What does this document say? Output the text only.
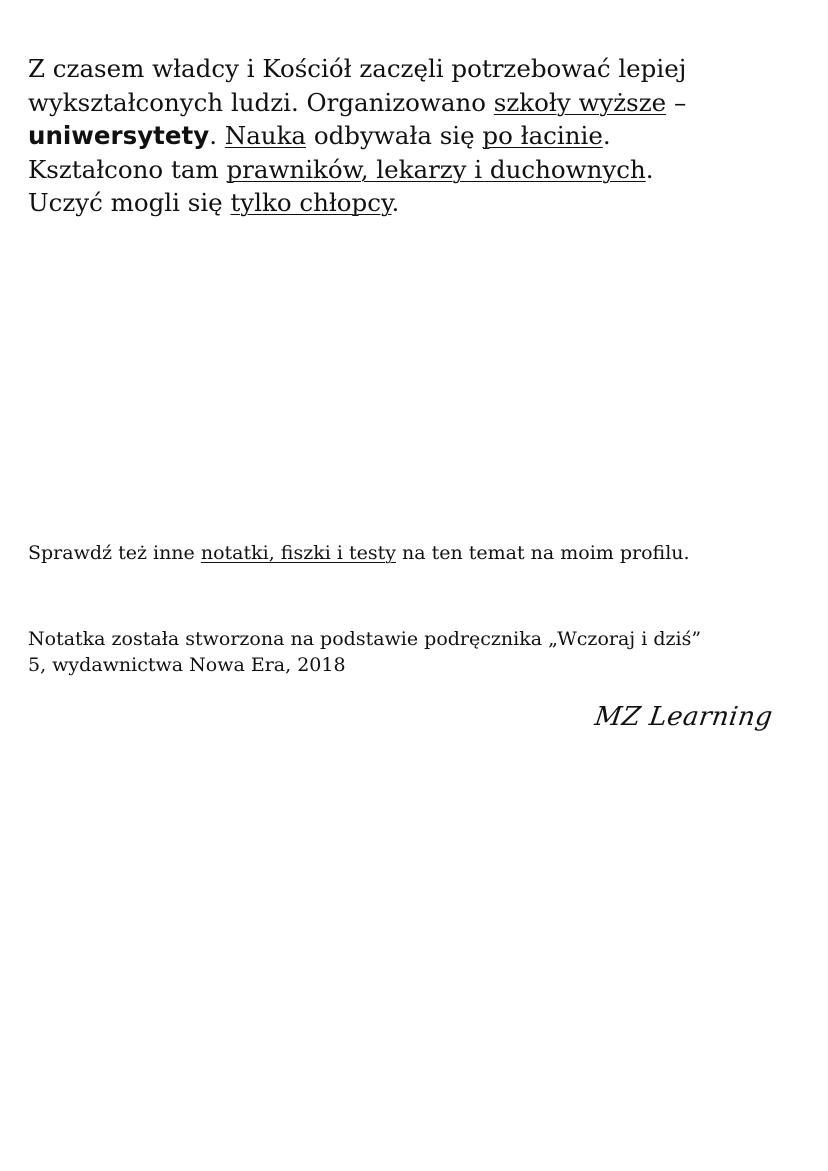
Z czasem władcy i Kościół zaczęli potrzebować lepiej
wykształconych ludzi. Organizowano szkoły wyższe –
uniwersytety. Nauka odbywała się po łacinie.
Kształcono tam prawników, lekarzy i duchownych.
Uczyć mogli się tylko chłopcy.

Sprawdź też inne notatki, fiszki i testy na ten temat na moim profilu.

Notatka została stworzona na podstawie podręcznika „Wczoraj i dziś”
5, wydawnictwa Nowa Era, 2018

MZ Learning
